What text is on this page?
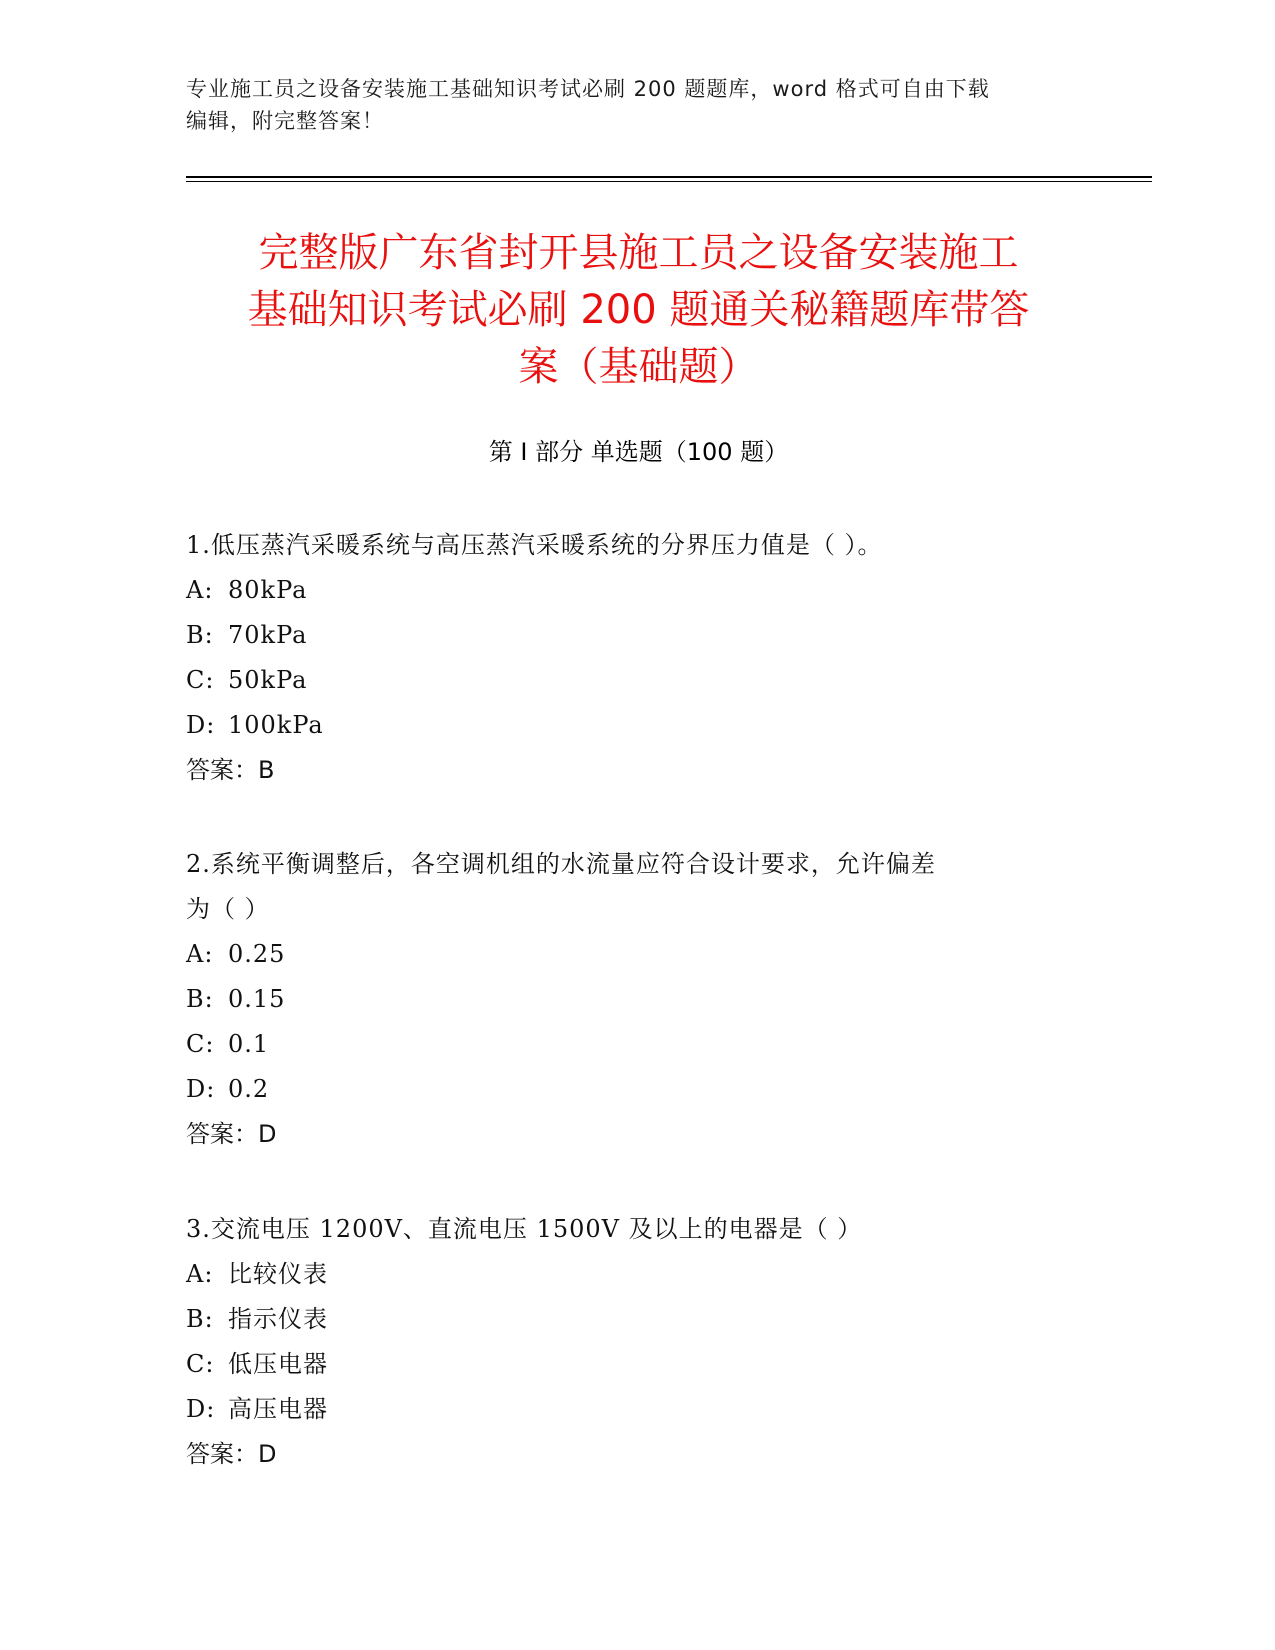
专业施工员之设备安装施工基础知识考试必刷 200 题题库，word 格式可自由下载
编辑，附完整答案！
完整版广东省封开县施工员之设备安装施工
基础知识考试必刷 200 题通关秘籍题库带答
案（基础题）
第 I 部分 单选题（100 题）
1.低压蒸汽采暖系统与高压蒸汽采暖系统的分界压力值是（ ）。
A: 80kPa
B: 70kPa
C: 50kPa
D: 100kPa
答案：B
2.系统平衡调整后，各空调机组的水流量应符合设计要求，允许偏差
为（ ）
A: 0.25
B: 0.15
C: 0.1
D: 0.2
答案：D
3.交流电压 1200V、直流电压 1500V 及以上的电器是（ ）
A: 比较仪表
B: 指示仪表
C: 低压电器
D: 高压电器
答案：D
